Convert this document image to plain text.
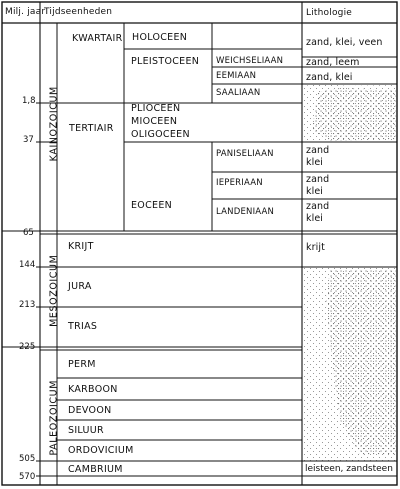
Milj. jaar
Tijdseenheden	Lithologie
1,8
37
65
144
213
225
505
570
KAINOZOICUM
MESOZOICUM
PALEOZOICUM
KWARTAIR
TERTIAIR
KRIJT
JURA
TRIAS
PERM
KARBOON
DEVOON
SILUUR
ORDOVICIUM
CAMBRIUM
HOLOCEEN
PLEISTOCEEN
PLIOCEEN
MIOCEEN
OLIGOCEEN
EOCEEN
WEICHSELIAAN
EEMIAAN
SAALIAAN
PANISELIAAN
IEPERIAAN
LANDENIAAN
zand, klei, veen
zand, leem
zand, klei
zand
klei
zand
klei
zand
klei
krijt
leisteen, zandsteen
